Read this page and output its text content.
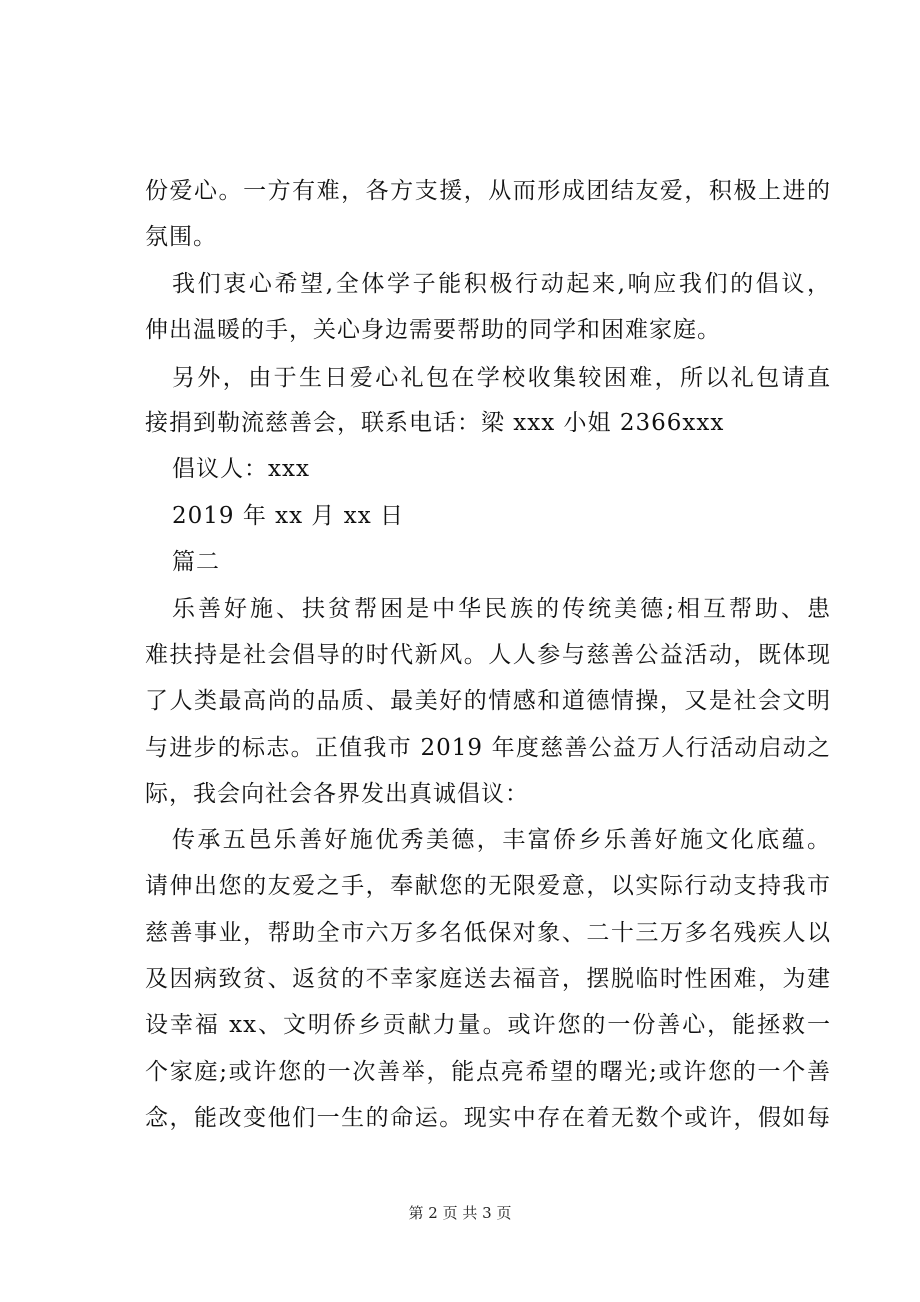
份爱心。一方有难，各方支援，从而形成团结友爱，积极上进的
氛围。
我们衷心希望,全体学子能积极行动起来,响应我们的倡议，
伸出温暖的手，关心身边需要帮助的同学和困难家庭。
另外，由于生日爱心礼包在学校收集较困难，所以礼包请直
接捐到勒流慈善会，联系电话：梁 xxx 小姐 2366xxx
倡议人：xxx
2019 年 xx 月 xx 日
篇二
乐善好施、扶贫帮困是中华民族的传统美德;相互帮助、患
难扶持是社会倡导的时代新风。人人参与慈善公益活动，既体现
了人类最高尚的品质、最美好的情感和道德情操，又是社会文明
与进步的标志。正值我市 2019 年度慈善公益万人行活动启动之
际，我会向社会各界发出真诚倡议：
传承五邑乐善好施优秀美德，丰富侨乡乐善好施文化底蕴。
请伸出您的友爱之手，奉献您的无限爱意，以实际行动支持我市
慈善事业，帮助全市六万多名低保对象、二十三万多名残疾人以
及因病致贫、返贫的不幸家庭送去福音，摆脱临时性困难，为建
设幸福 xx、文明侨乡贡献力量。或许您的一份善心，能拯救一
个家庭;或许您的一次善举，能点亮希望的曙光;或许您的一个善
念，能改变他们一生的命运。现实中存在着无数个或许，假如每
第 2 页 共 3 页
